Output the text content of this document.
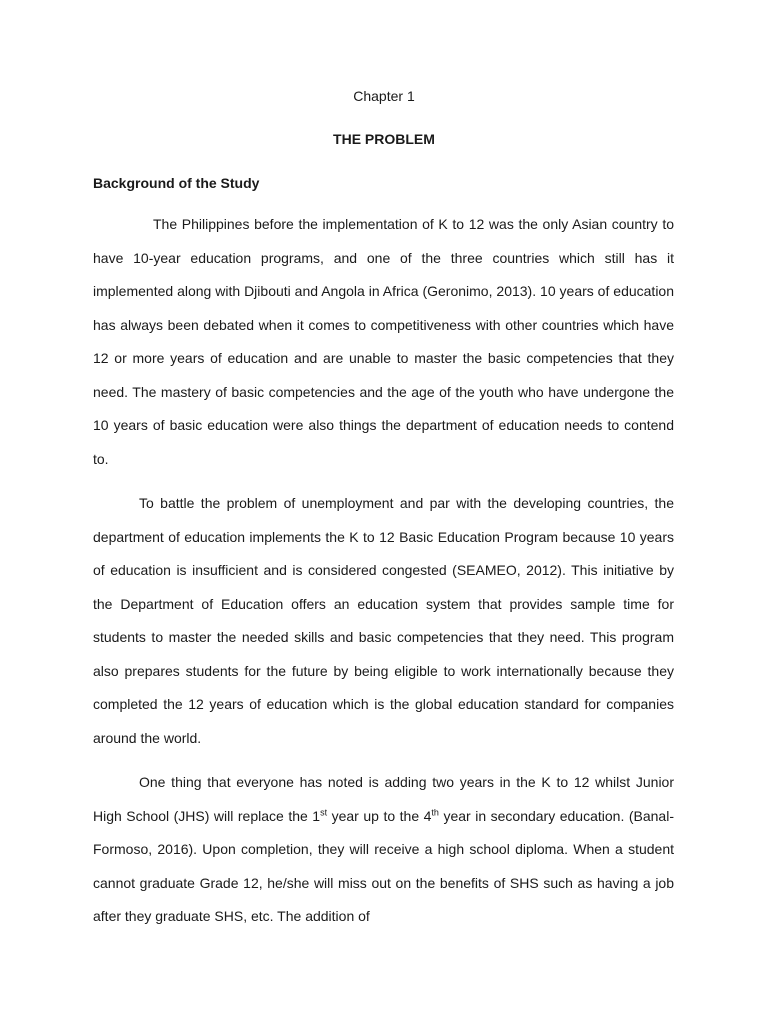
Chapter 1
THE PROBLEM
Background of the Study

The Philippines before the implementation of K to 12 was the only Asian country to have 10-year education programs, and one of the three countries which still has it implemented along with Djibouti and Angola in Africa (Geronimo, 2013). 10 years of education has always been debated when it comes to competitiveness with other countries which have 12 or more years of education and are unable to master the basic competencies that they need. The mastery of basic competencies and the age of the youth who have undergone the 10 years of basic education were also things the department of education needs to contend to.

To battle the problem of unemployment and par with the developing countries, the department of education implements the K to 12 Basic Education Program because 10 years of education is insufficient and is considered congested (SEAMEO, 2012). This initiative by the Department of Education offers an education system that provides sample time for students to master the needed skills and basic competencies that they need. This program also prepares students for the future by being eligible to work internationally because they completed the 12 years of education which is the global education standard for companies around the world.

One thing that everyone has noted is adding two years in the K to 12 whilst Junior High School (JHS) will replace the 1st year up to the 4th year in secondary education. (Banal- Formoso, 2016). Upon completion, they will receive a high school diploma. When a student cannot graduate Grade 12, he/she will miss out on the benefits of SHS such as having a job after they graduate SHS, etc. The addition of
